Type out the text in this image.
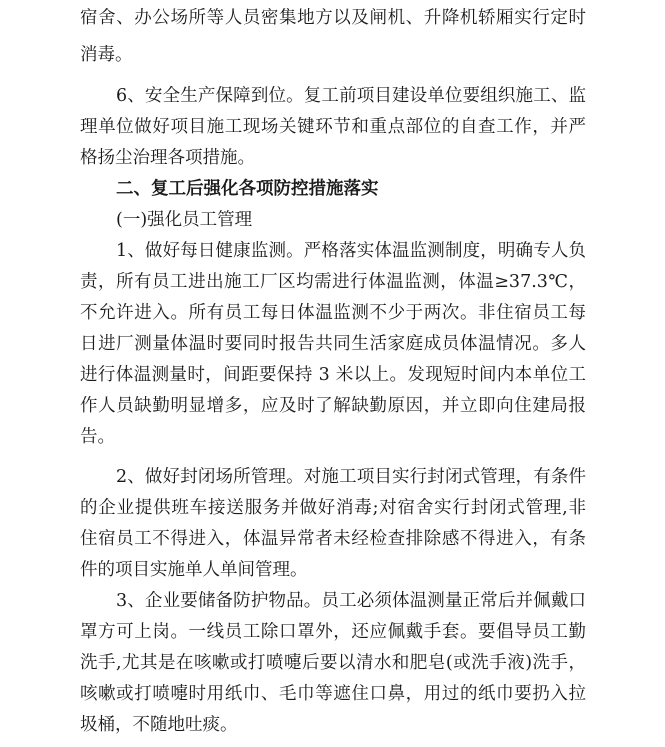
宿舍、办公场所等人员密集地方以及闸机、升降机轿厢实行定时
消毒。
6、安全生产保障到位。复工前项目建设单位要组织施工、监
理单位做好项目施工现场关键环节和重点部位的自查工作，并严
格扬尘治理各项措施。
二、复工后强化各项防控措施落实
(一)强化员工管理
1、做好每日健康监测。严格落实体温监测制度，明确专人负
责，所有员工进出施工厂区均需进行体温监测，体温≥37.3℃，
不允许进入。所有员工每日体温监测不少于两次。非住宿员工每
日进厂测量体温时要同时报告共同生活家庭成员体温情况。多人
进行体温测量时，间距要保持 3 米以上。发现短时间内本单位工
作人员缺勤明显增多，应及时了解缺勤原因，并立即向住建局报
告。
2、做好封闭场所管理。对施工项目实行封闭式管理，有条件
的企业提供班车接送服务并做好消毒;对宿舍实行封闭式管理,非
住宿员工不得进入，体温异常者未经检查排除感不得进入，有条
件的项目实施单人单间管理。
3、企业要储备防护物品。员工必须体温测量正常后并佩戴口
罩方可上岗。一线员工除口罩外，还应佩戴手套。要倡导员工勤
洗手,尤其是在咳嗽或打喷嚏后要以清水和肥皂(或洗手液)洗手，
咳嗽或打喷嚏时用纸巾、毛巾等遮住口鼻，用过的纸巾要扔入拉
圾桶，不随地吐痰。
